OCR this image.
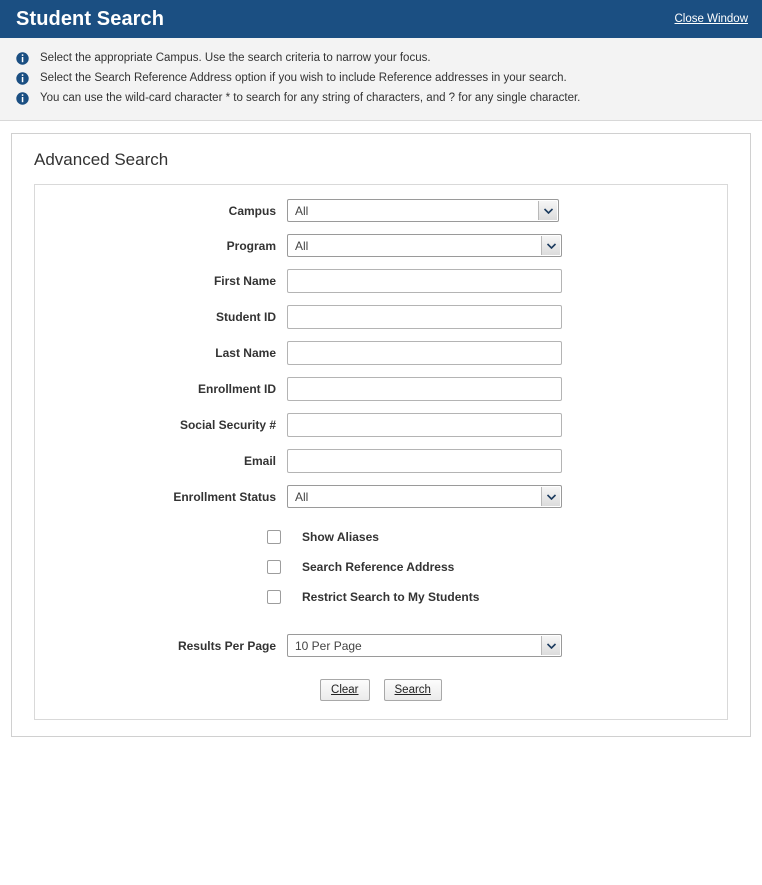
Student Search	Close Window
Select the appropriate Campus. Use the search criteria to narrow your focus.
Select the Search Reference Address option if you wish to include Reference addresses in your search.
You can use the wild-card character * to search for any string of characters, and ? for any single character.
Advanced Search
Campus	All
Program	All
First Name
Student ID
Last Name
Enrollment ID
Social Security #
Email
Enrollment Status	All
Show Aliases
Search Reference Address
Restrict Search to My Students
Results Per Page	10 Per Page
Clear	Search
